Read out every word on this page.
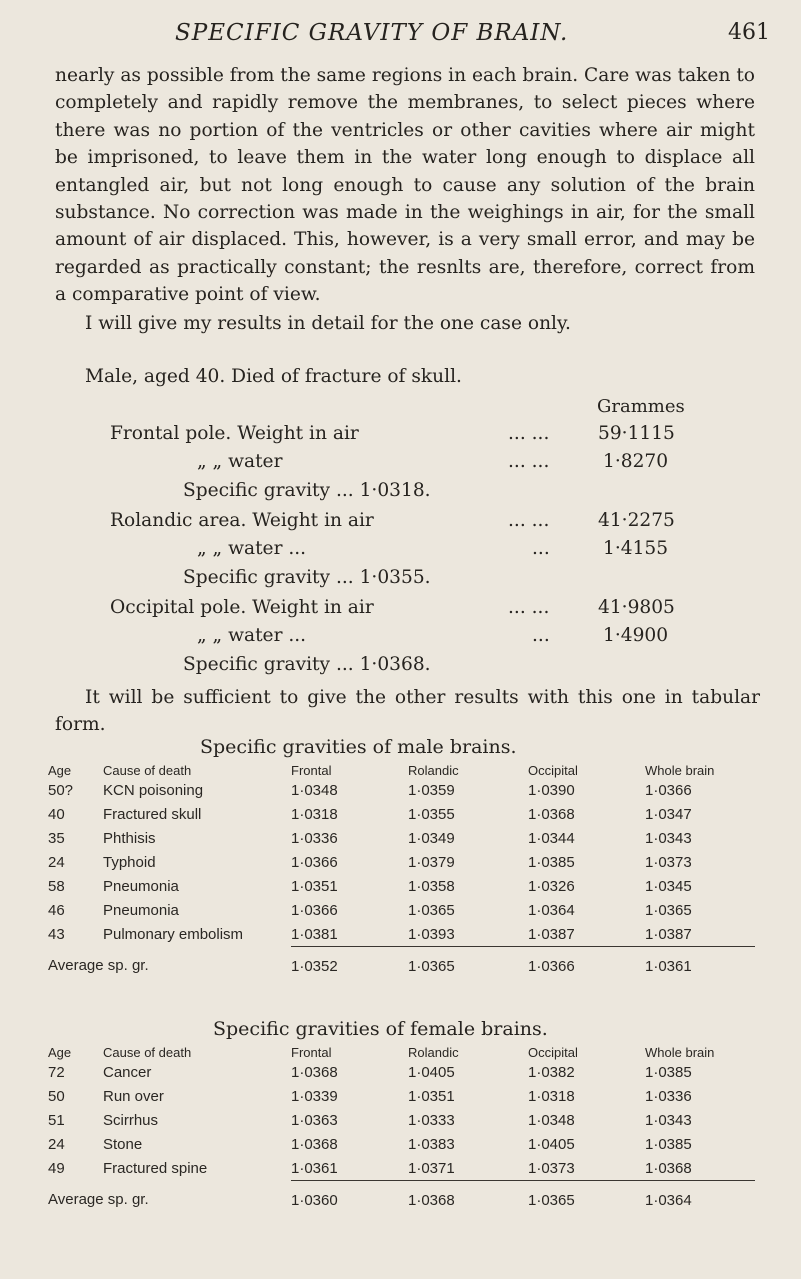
SPECIFIC GRAVITY OF BRAIN.	461

nearly as possible from the same regions in each brain. Care was taken to completely and rapidly remove the membranes, to select pieces where there was no portion of the ventricles or other cavities where air might be imprisoned, to leave them in the water long enough to displace all entangled air, but not long enough to cause any solution of the brain substance. No correction was made in the weighings in air, for the small amount of air displaced. This, however, is a very small error, and may be regarded as practically constant; the resnlts are, therefore, correct from a comparative point of view.

I will give my results in detail for the one case only.

Male, aged 40. Died of fracture of skull.
Grammes
Frontal pole. Weight in air	... ...	59·1115
„ „ water	... ...	1·8270
Specific gravity ... 1·0318.
Rolandic area. Weight in air	... ...	41·2275
„ „ water ...	...	1·4155
Specific gravity ... 1·0355.
Occipital pole. Weight in air	... ...	41·9805
„ „ water ...	...	1·4900
Specific gravity ... 1·0368.

It will be sufficient to give the other results with this one in tabular form.

Specific gravities of male brains.
Age	Cause of death	Frontal	Rolandic	Occipital	Whole brain
50?	KCN poisoning	1·0348	1·0359	1·0390	1·0366
40	Fractured skull	1·0318	1·0355	1·0368	1·0347
35	Phthisis	1·0336	1·0349	1·0344	1·0343
24	Typhoid	1·0366	1·0379	1·0385	1·0373
58	Pneumonia	1·0351	1·0358	1·0326	1·0345
46	Pneumonia	1·0366	1·0365	1·0364	1·0365
43	Pulmonary embolism	1·0381	1·0393	1·0387	1·0387
Average sp. gr.		1·0352	1·0365	1·0366	1·0361
Specific gravities of female brains.
Age	Cause of death	Frontal	Rolandic	Occipital	Whole brain
72	Cancer	1·0368	1·0405	1·0382	1·0385
50	Run over	1·0339	1·0351	1·0318	1·0336
51	Scirrhus	1·0363	1·0333	1·0348	1·0343
24	Stone	1·0368	1·0383	1·0405	1·0385
49	Fractured spine	1·0361	1·0371	1·0373	1·0368
Average sp. gr.		1·0360	1·0368	1·0365	1·0364
